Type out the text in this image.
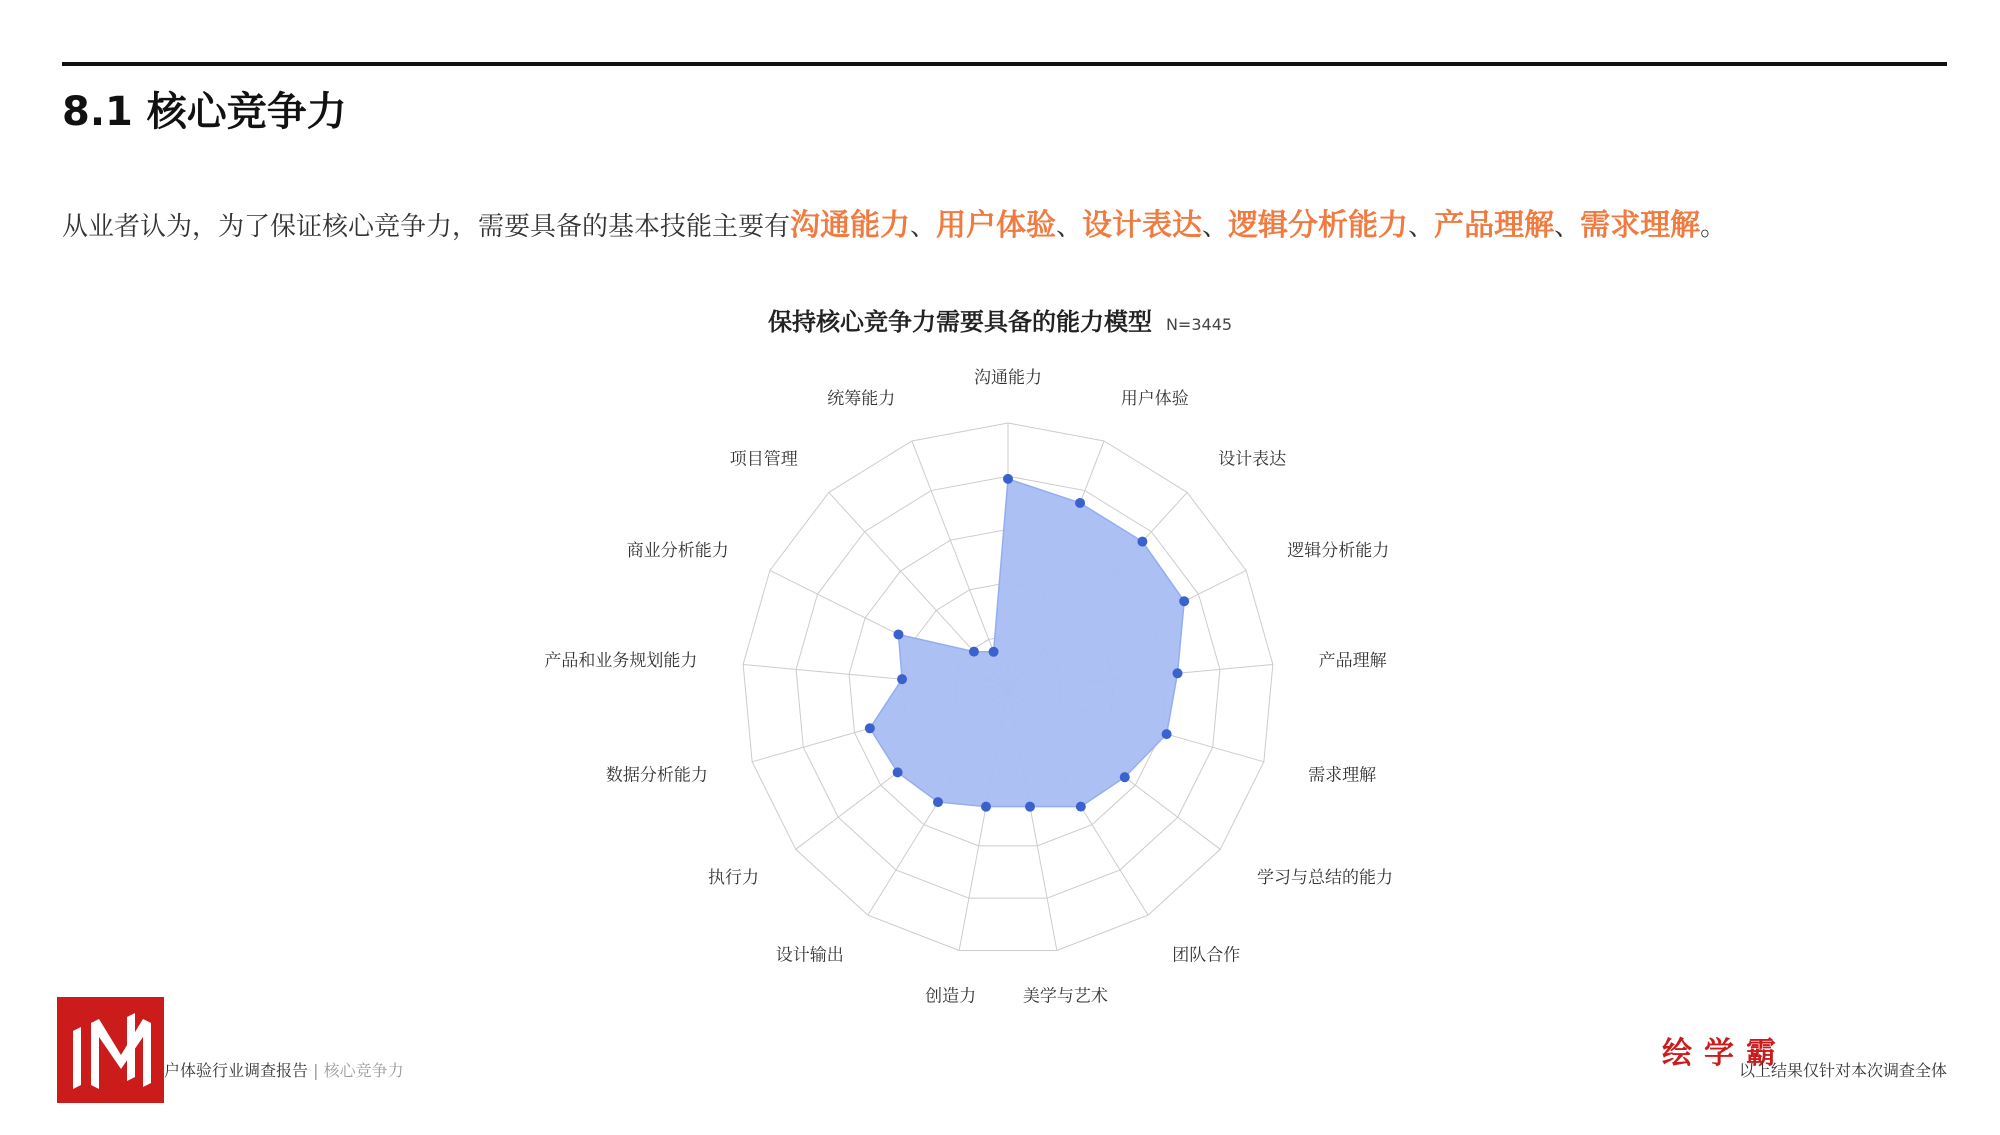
8.1 核心竞争力
从业者认为，为了保证核心竞争力，需要具备的基本技能主要有沟通能力、用户体验、设计表达、逻辑分析能力、产品理解、需求理解。
保持核心竞争力需要具备的能力模型 N=3445
沟通能力
用户体验
设计表达
逻辑分析能力
产品理解
需求理解
学习与总结的能力
团队合作
美学与艺术
创造力
设计输出
执行力
数据分析能力
产品和业务规划能力
商业分析能力
项目管理
统筹能力
户体验行业调查报告 | 核心竞争力	绘学霸
以上结果仅针对本次调查全体
